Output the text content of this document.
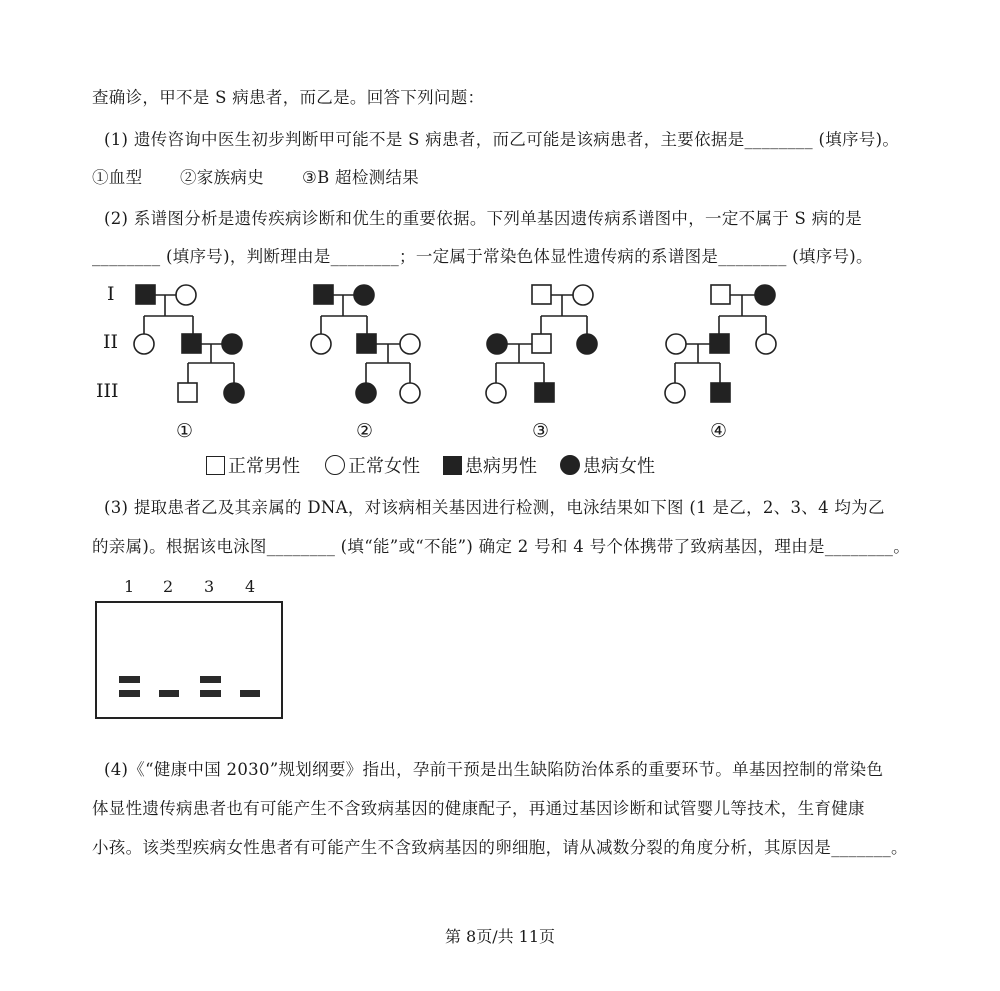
查确诊，甲不是 S 病患者，而乙是。回答下列问题：
(1) 遗传咨询中医生初步判断甲可能不是 S 病患者，而乙可能是该病患者，主要依据是________ (填序号)。
①血型 ②家族病史 ③B 超检测结果
(2) 系谱图分析是遗传疾病诊断和优生的重要依据。下列单基因遗传病系谱图中，一定不属于 S 病的是
________ (填序号)，判断理由是________；一定属于常染色体显性遗传病的系谱图是________ (填序号)。
I
II
III
①	②	③	④
正常男性	正常女性	患病男性	患病女性
(3) 提取患者乙及其亲属的 DNA，对该病相关基因进行检测，电泳结果如下图 (1 是乙，2、3、4 均为乙
的亲属)。根据该电泳图________ (填“能”或“不能”) 确定 2 号和 4 号个体携带了致病基因，理由是________。
1 2 3 4
(4)《“健康中国 2030”规划纲要》指出，孕前干预是出生缺陷防治体系的重要环节。单基因控制的常染色
体显性遗传病患者也有可能产生不含致病基因的健康配子，再通过基因诊断和试管婴儿等技术，生育健康
小孩。该类型疾病女性患者有可能产生不含致病基因的卵细胞，请从减数分裂的角度分析，其原因是_______。
第 8页/共 11页
